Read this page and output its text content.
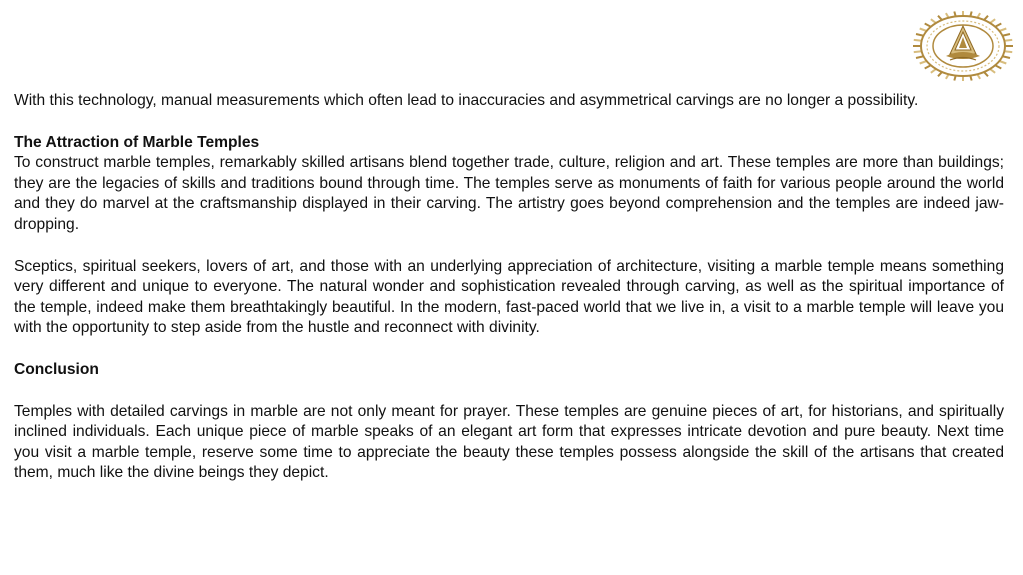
With this technology, manual measurements which often lead to inaccuracies and asymmetrical carvings are no longer a possibility.

The Attraction of Marble Temples

To construct marble temples, remarkably skilled artisans blend together trade, culture, religion and art. These temples are more than buildings; they are the legacies of skills and traditions bound through time. The temples serve as monuments of faith for various people around the world and they do marvel at the craftsmanship displayed in their carving. The artistry goes beyond comprehension and the temples are indeed jaw-dropping.

Sceptics, spiritual seekers, lovers of art, and those with an underlying appreciation of architecture, visiting a marble temple means something very different and unique to everyone. The natural wonder and sophistication revealed through carving, as well as the spiritual importance of the temple, indeed make them breathtakingly beautiful. In the modern, fast-paced world that we live in, a visit to a marble temple will leave you with the opportunity to step aside from the hustle and reconnect with divinity.

Conclusion

Temples with detailed carvings in marble are not only meant for prayer. These temples are genuine pieces of art, for historians, and spiritually inclined individuals. Each unique piece of marble speaks of an elegant art form that expresses intricate devotion and pure beauty. Next time you visit a marble temple, reserve some time to appreciate the beauty these temples possess alongside the skill of the artisans that created them, much like the divine beings they depict.
